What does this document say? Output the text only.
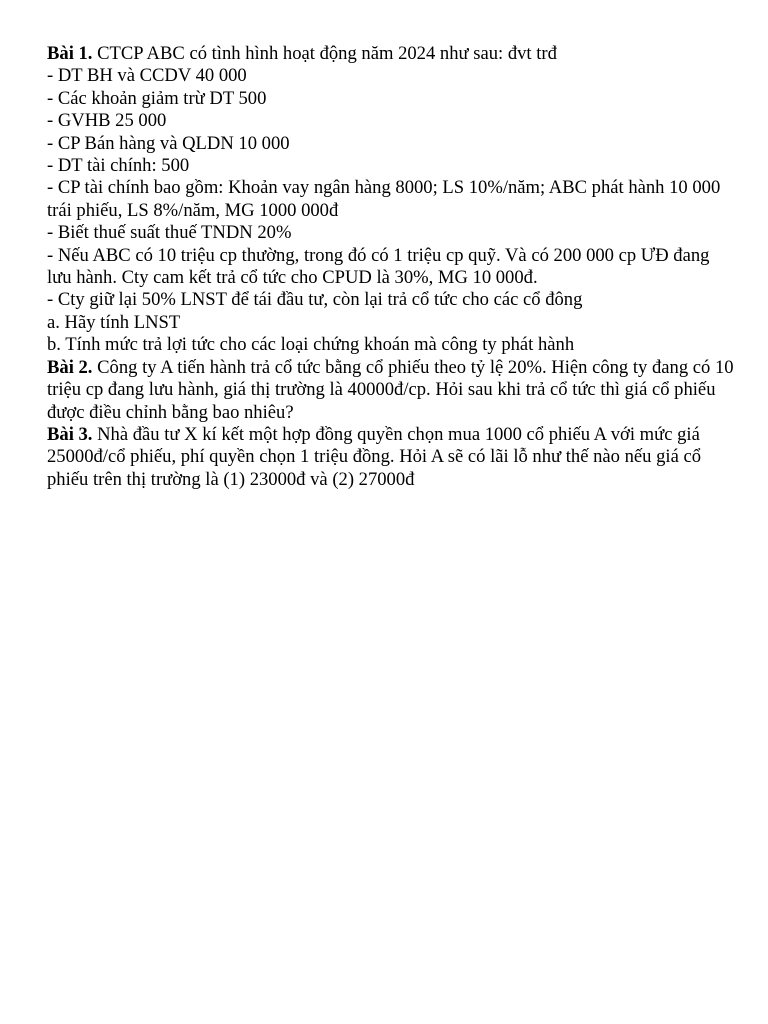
Bài 1. CTCP ABC có tình hình hoạt động năm 2024 như sau: đvt trđ

- DT BH và CCDV 40 000

- Các khoản giảm trừ DT 500

- GVHB 25 000

- CP Bán hàng và QLDN 10 000

- DT tài chính: 500

- CP tài chính bao gồm: Khoản vay ngân hàng 8000; LS 10%/năm; ABC phát hành 10 000 trái phiếu, LS 8%/năm, MG 1000 000đ

- Biết thuế suất thuế TNDN 20%

- Nếu ABC có 10 triệu cp thường, trong đó có 1 triệu cp quỹ. Và có 200 000 cp ƯĐ đang lưu hành. Cty cam kết trả cổ tức cho CPUD là 30%, MG 10 000đ.

- Cty giữ lại 50% LNST để tái đầu tư, còn lại trả cổ tức cho các cổ đông

a. Hãy tính LNST

b. Tính mức trả lợi tức cho các loại chứng khoán mà công ty phát hành

Bài 2. Công ty A tiến hành trả cổ tức bằng cổ phiếu theo tỷ lệ 20%. Hiện công ty đang có 10 triệu cp đang lưu hành, giá thị trường là 40000đ/cp. Hỏi sau khi trả cổ tức thì giá cổ phiếu được điều chỉnh bằng bao nhiêu?

Bài 3. Nhà đầu tư X kí kết một hợp đồng quyền chọn mua 1000 cổ phiếu A với mức giá 25000đ/cổ phiếu, phí quyền chọn 1 triệu đồng. Hỏi A sẽ có lãi lỗ như thế nào nếu giá cổ phiếu trên thị trường là (1) 23000đ và (2) 27000đ
